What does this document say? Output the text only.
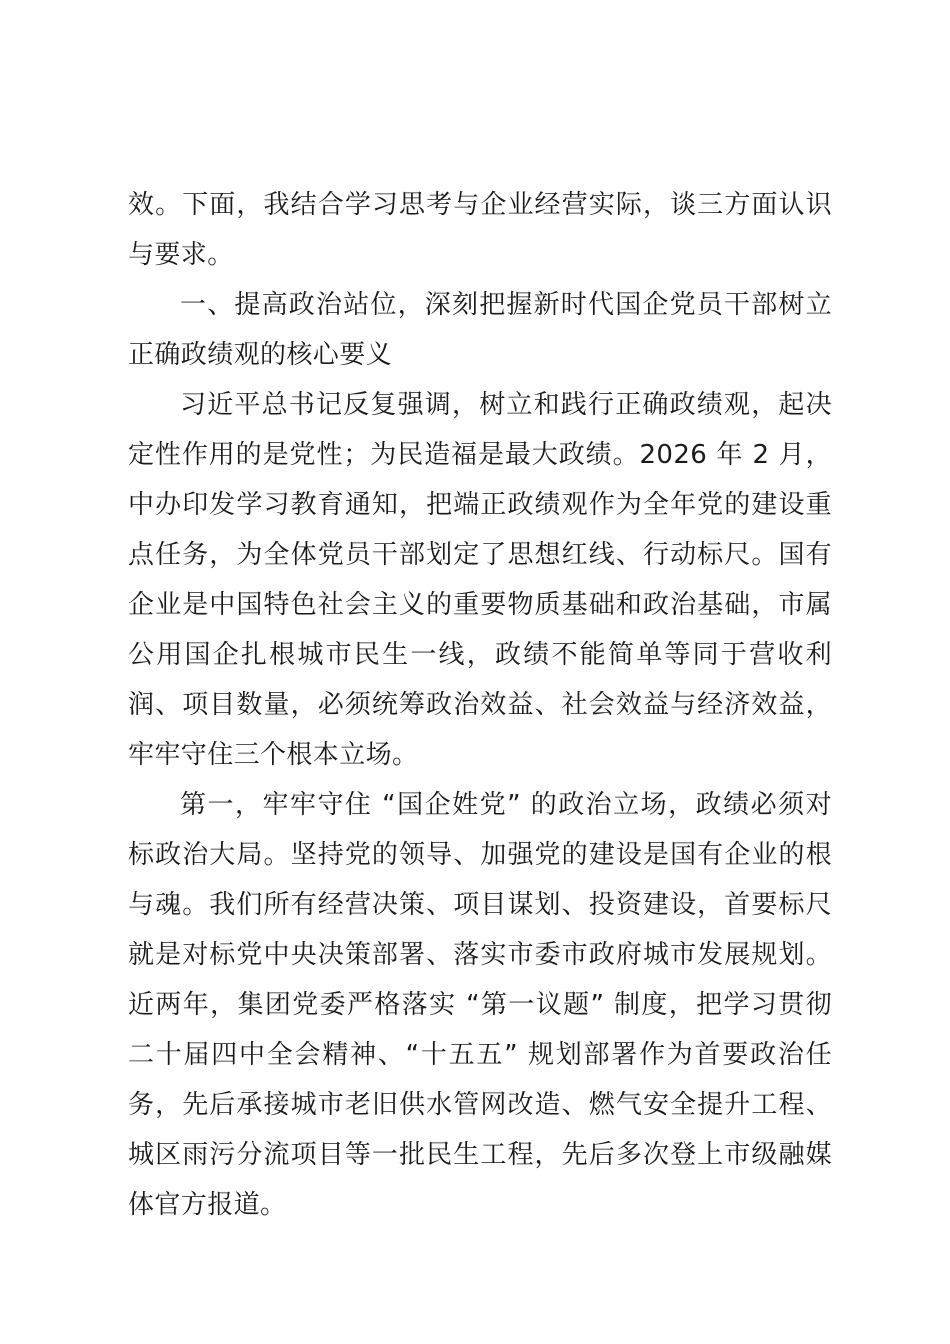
效。下面，我结合学习思考与企业经营实际，谈三方面认识与要求。

一、提高政治站位，深刻把握新时代国企党员干部树立正确政绩观的核心要义

习近平总书记反复强调，树立和践行正确政绩观，起决定性作用的是党性；为民造福是最大政绩。2026 年 2 月，中办印发学习教育通知，把端正政绩观作为全年党的建设重点任务，为全体党员干部划定了思想红线、行动标尺。国有企业是中国特色社会主义的重要物质基础和政治基础，市属公用国企扎根城市民生一线，政绩不能简单等同于营收利润、项目数量，必须统筹政治效益、社会效益与经济效益，牢牢守住三个根本立场。

第一，牢牢守住 “国企姓党” 的政治立场，政绩必须对标政治大局。坚持党的领导、加强党的建设是国有企业的根与魂。我们所有经营决策、项目谋划、投资建设，首要标尺就是对标党中央决策部署、落实市委市政府城市发展规划。近两年，集团党委严格落实 “第一议题” 制度，把学习贯彻二十届四中全会精神、“十五五” 规划部署作为首要政治任务，先后承接城市老旧供水管网改造、燃气安全提升工程、城区雨污分流项目等一批民生工程，先后多次登上市级融媒体官方报道。
